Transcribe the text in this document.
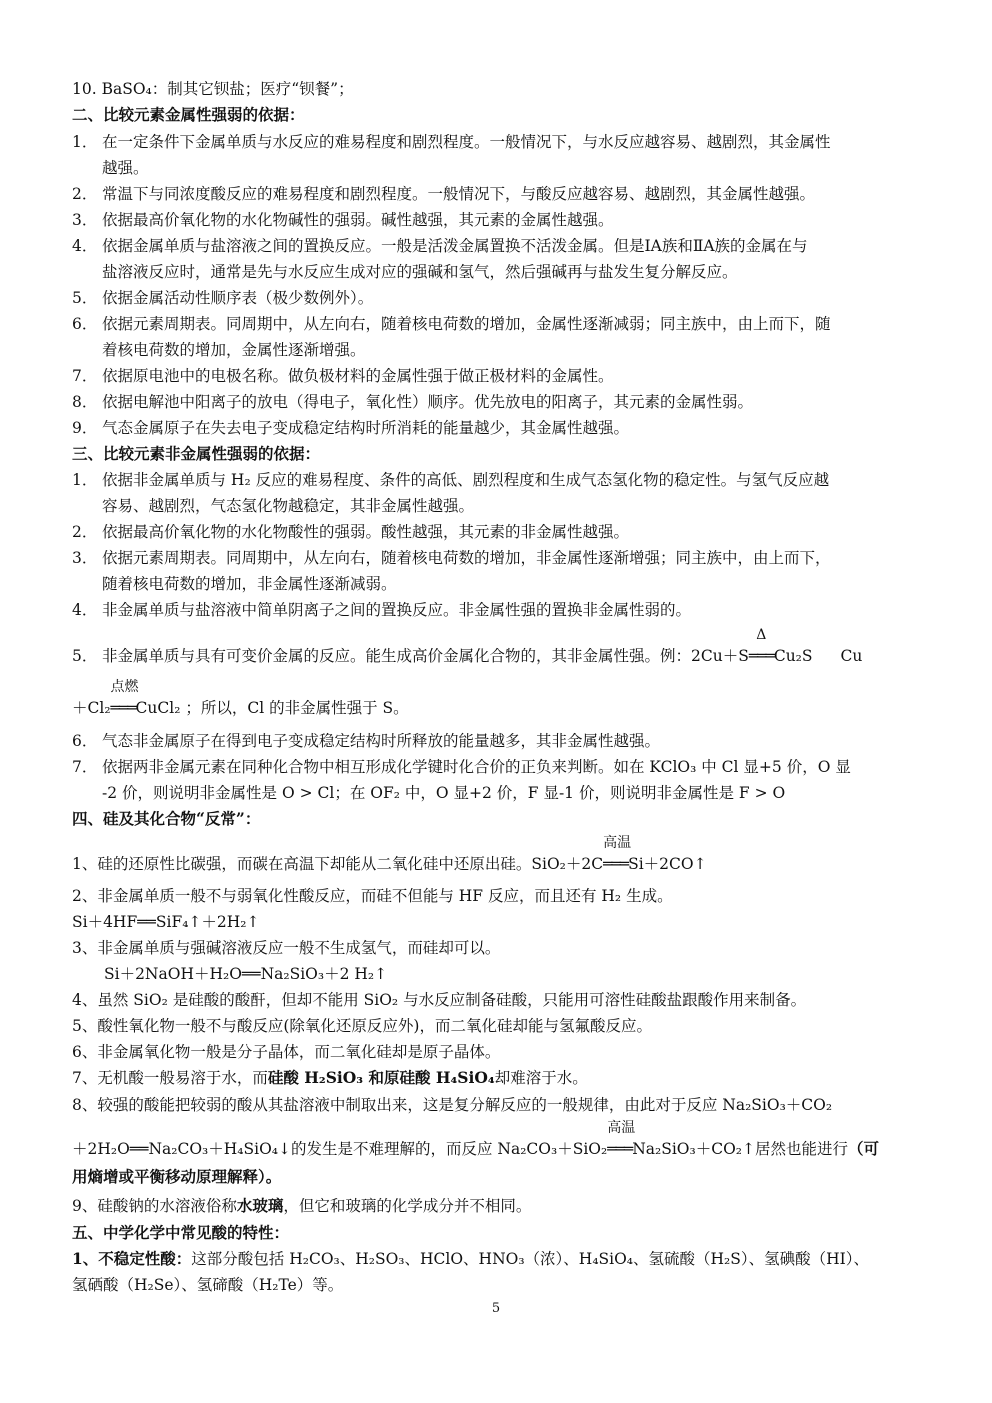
10. BaSO₄：制其它钡盐；医疗“钡餐”；
二、比较元素金属性强弱的依据：
1． 在一定条件下金属单质与水反应的难易程度和剧烈程度。一般情况下，与水反应越容易、越剧烈，其金属性
越强。
2． 常温下与同浓度酸反应的难易程度和剧烈程度。一般情况下，与酸反应越容易、越剧烈，其金属性越强。
3． 依据最高价氧化物的水化物碱性的强弱。碱性越强，其元素的金属性越强。
4． 依据金属单质与盐溶液之间的置换反应。一般是活泼金属置换不活泼金属。但是ⅠA族和ⅡA族的金属在与
盐溶液反应时，通常是先与水反应生成对应的强碱和氢气，然后强碱再与盐发生复分解反应。
5． 依据金属活动性顺序表（极少数例外）。
6． 依据元素周期表。同周期中，从左向右，随着核电荷数的增加，金属性逐渐减弱；同主族中，由上而下，随
着核电荷数的增加，金属性逐渐增强。
7． 依据原电池中的电极名称。做负极材料的金属性强于做正极材料的金属性。
8． 依据电解池中阳离子的放电（得电子，氧化性）顺序。优先放电的阳离子，其元素的金属性弱。
9． 气态金属原子在失去电子变成稳定结构时所消耗的能量越少，其金属性越强。
三、比较元素非金属性强弱的依据：
1． 依据非金属单质与 H₂ 反应的难易程度、条件的高低、剧烈程度和生成气态氢化物的稳定性。与氢气反应越
容易、越剧烈，气态氢化物越稳定，其非金属性越强。
2． 依据最高价氧化物的水化物酸性的强弱。酸性越强，其元素的非金属性越强。
3． 依据元素周期表。同周期中，从左向右，随着核电荷数的增加，非金属性逐渐增强；同主族中，由上而下，
随着核电荷数的增加，非金属性逐渐减弱。
4． 非金属单质与盐溶液中简单阴离子之间的置换反应。非金属性强的置换非金属性弱的。
5． 非金属单质与具有可变价金属的反应。能生成高价金属化合物的，其非金属性强。例：2Cu＋S
Δ
═══Cu₂S Cu
＋Cl₂
点燃
═══CuCl₂ ；所以，Cl 的非金属性强于 S。
6． 气态非金属原子在得到电子变成稳定结构时所释放的能量越多，其非金属性越强。
7． 依据两非金属元素在同种化合物中相互形成化学键时化合价的正负来判断。如在 KClO₃ 中 Cl 显+5 价，O 显
-2 价，则说明非金属性是 O > Cl；在 OF₂ 中，O 显+2 价，F 显-1 价，则说明非金属性是 F > O
四、硅及其化合物“反常”：
1、硅的还原性比碳强，而碳在高温下却能从二氧化硅中还原出硅。SiO₂＋2C
高温
═══Si＋2CO↑
2、非金属单质一般不与弱氧化性酸反应，而硅不但能与 HF 反应，而且还有 H₂ 生成。
Si＋4HF══SiF₄↑＋2H₂↑
3、非金属单质与强碱溶液反应一般不生成氢气，而硅却可以。
Si＋2NaOH＋H₂O══Na₂SiO₃＋2 H₂↑
4、虽然 SiO₂ 是硅酸的酸酐，但却不能用 SiO₂ 与水反应制备硅酸，只能用可溶性硅酸盐跟酸作用来制备。
5、酸性氧化物一般不与酸反应(除氧化还原反应外)，而二氧化硅却能与氢氟酸反应。
6、非金属氧化物一般是分子晶体，而二氧化硅却是原子晶体。
7、无机酸一般易溶于水，而硅酸 H₂SiO₃ 和原硅酸 H₄SiO₄却难溶于水。
8、较强的酸能把较弱的酸从其盐溶液中制取出来，这是复分解反应的一般规律，由此对于反应 Na₂SiO₃＋CO₂
＋2H₂O══Na₂CO₃＋H₄SiO₄↓的发生是不难理解的，而反应 Na₂CO₃＋SiO₂
高温
═══Na₂SiO₃＋CO₂↑居然也能进行（可
用熵增或平衡移动原理解释）。
9、硅酸钠的水溶液俗称水玻璃，但它和玻璃的化学成分并不相同。
五、中学化学中常见酸的特性：
1、不稳定性酸：这部分酸包括 H₂CO₃、H₂SO₃、HClO、HNO₃（浓）、H₄SiO₄、氢硫酸（H₂S）、氢碘酸（HI）、
氢硒酸（H₂Se）、氢碲酸（H₂Te）等。
5
